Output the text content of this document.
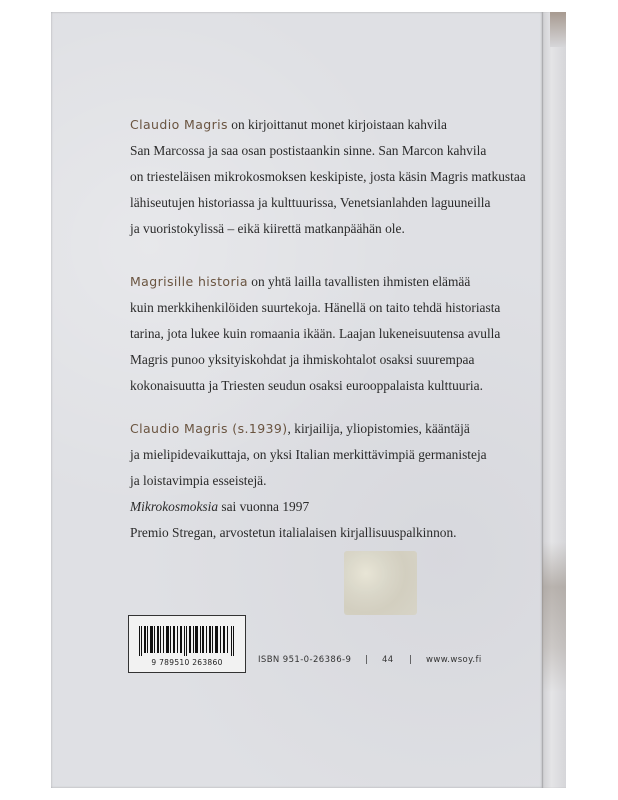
Claudio Magris on kirjoittanut monet kirjoistaan kahvila
San Marcossa ja saa osan postistaankin sinne. San Marcon kahvila
on triesteläisen mikrokosmoksen keskipiste, josta käsin Magris matkustaa
lähiseutujen historiassa ja kulttuurissa, Venetsianlahden laguuneilla
ja vuoristokylissä – eikä kiirettä matkanpäähän ole.
Magrisille historia on yhtä lailla tavallisten ihmisten elämää
kuin merkkihenkilöiden suurtekoja. Hänellä on taito tehdä historiasta
tarina, jota lukee kuin romaania ikään. Laajan lukeneisuutensa avulla
Magris punoo yksityiskohdat ja ihmiskohtalot osaksi suurempaa
kokonaisuutta ja Triesten seudun osaksi eurooppalaista kulttuuria.
Claudio Magris (s.1939), kirjailija, yliopistomies, kääntäjä
ja mielipidevaikuttaja, on yksi Italian merkittävimpiä germanisteja
ja loistavimpia esseistejä.
Mikrokosmoksia sai vuonna 1997
Premio Stregan, arvostetun italialaisen kirjallisuuspalkinnon.
9 789510 263860	ISBN 951-0-26386-9 | 44 | www.wsoy.fi
